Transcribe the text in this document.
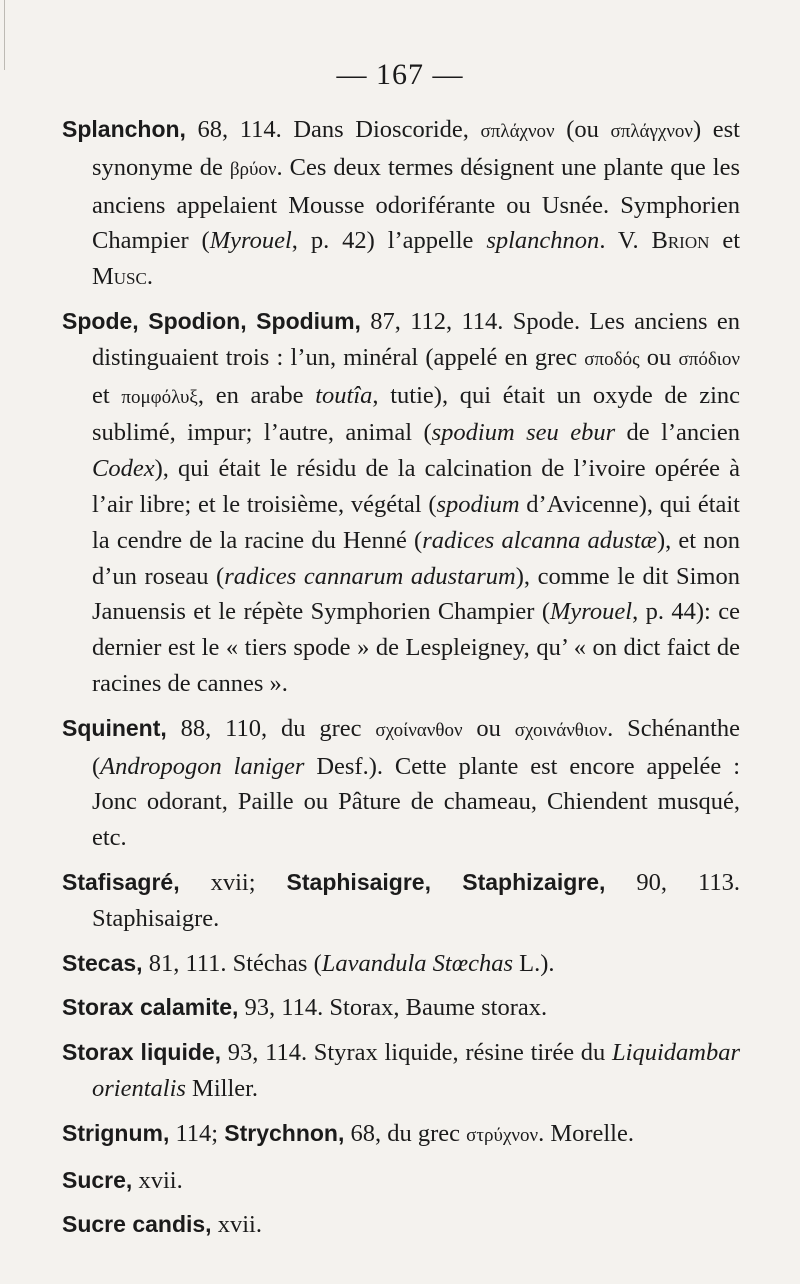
— 167 —

Splanchon, 68, 114. Dans Dioscoride, σπλάχνον (ou σπλάγχνον) est synonyme de βρύον. Ces deux termes désignent une plante que les anciens appelaient Mousse odoriférante ou Usnée. Symphorien Champier (Myrouel, p. 42) l’appelle splanchnon. V. Brion et Musc.

Spode, Spodion, Spodium, 87, 112, 114. Spode. Les anciens en distinguaient trois : l’un, minéral (appelé en grec σποδός ou σπόδιον et πομφόλυξ, en arabe toutîa, tutie), qui était un oxyde de zinc sublimé, impur; l’autre, animal (spodium seu ebur de l’ancien Codex), qui était le résidu de la calcination de l’ivoire opérée à l’air libre; et le troisième, végétal (spodium d’Avicenne), qui était la cendre de la racine du Henné (radices alcanna adustæ), et non d’un roseau (radices cannarum adustarum), comme le dit Simon Januensis et le répète Symphorien Champier (Myrouel, p. 44): ce dernier est le « tiers spode » de Lespleigney, qu’ « on dict faict de racines de cannes ».

Squinent, 88, 110, du grec σχοίνανθον ou σχοινάνθιον. Schénanthe (Andropogon laniger Desf.). Cette plante est encore appelée : Jonc odorant, Paille ou Pâture de chameau, Chiendent musqué, etc.

Stafisagré, xvii; Staphisaigre, Staphizaigre, 90, 113. Staphisaigre.

Stecas, 81, 111. Stéchas (Lavandula Stœchas L.).

Storax calamite, 93, 114. Storax, Baume storax.

Storax liquide, 93, 114. Styrax liquide, résine tirée du Liquidambar orientalis Miller.

Strignum, 114; Strychnon, 68, du grec στρύχνον. Morelle.

Sucre, xvii.

Sucre candis, xvii.
